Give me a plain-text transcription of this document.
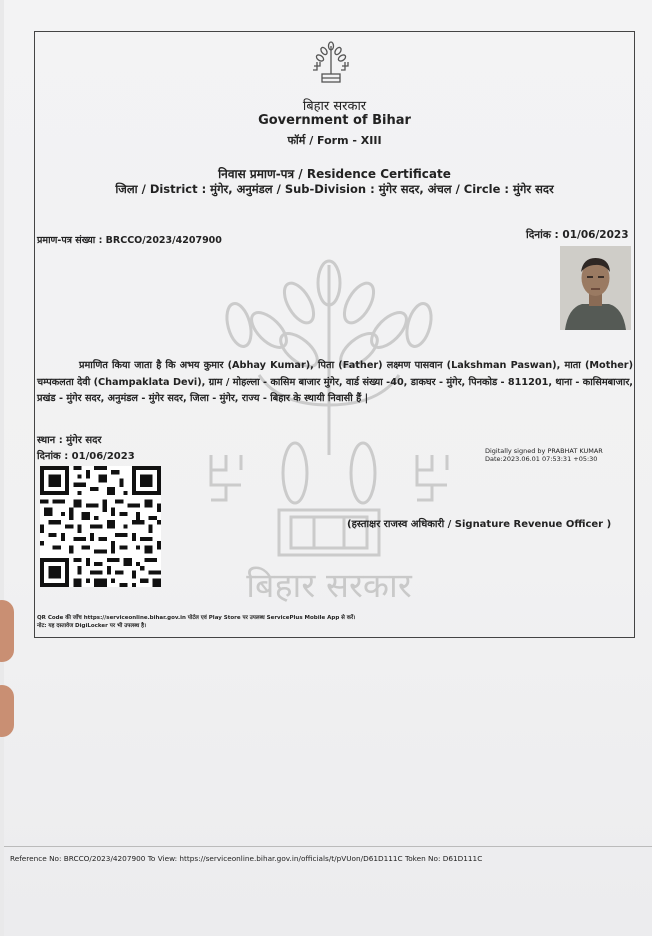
बिहार सरकार
Government of Bihar
फॉर्म / Form - XIII
निवास प्रमाण-पत्र / Residence Certificate
जिला / District : मुंगेर, अनुमंडल / Sub-Division : मुंगेर सदर, अंचल / Circle : मुंगेर सदर
प्रमाण-पत्र संख्या : BRCCO/2023/4207900	दिनांक : 01/06/2023
बिहार सरकार
प्रमाणित किया जाता है कि अभय कुमार (Abhay Kumar), पिता (Father) लक्ष्मण पासवान (Lakshman Paswan), माता (Mother) चम्पकलता देवी (Champaklata Devi), ग्राम / मोहल्ला - कासिम बाजार मुंगेर, वार्ड संख्या -40, डाकघर - मुंगेर, पिनकोड - 811201, थाना - कासिमबाजार, प्रखंड - मुंगेर सदर, अनुमंडल - मुंगेर सदर, जिला - मुंगेर, राज्य - बिहार के स्थायी निवासी हैं |
स्थान : मुंगेर सदर
दिनांक : 01/06/2023	Digitally signed by PRABHAT KUMAR
Date:2023.06.01 07:53:31 +05:30
(हस्ताक्षर राजस्व अधिकारी / Signature Revenue Officer )
QR Code की जाँच https://serviceonline.bihar.gov.in पोर्टल एवं Play Store पर उपलब्ध ServicePlus Mobile App से करें।
नोट: यह दस्तावेज DigiLocker पर भी उपलब्ध है।
Reference No: BRCCO/2023/4207900 To View: https://serviceonline.bihar.gov.in/officials/t/pVUon/D61D111C Token No: D61D111C
